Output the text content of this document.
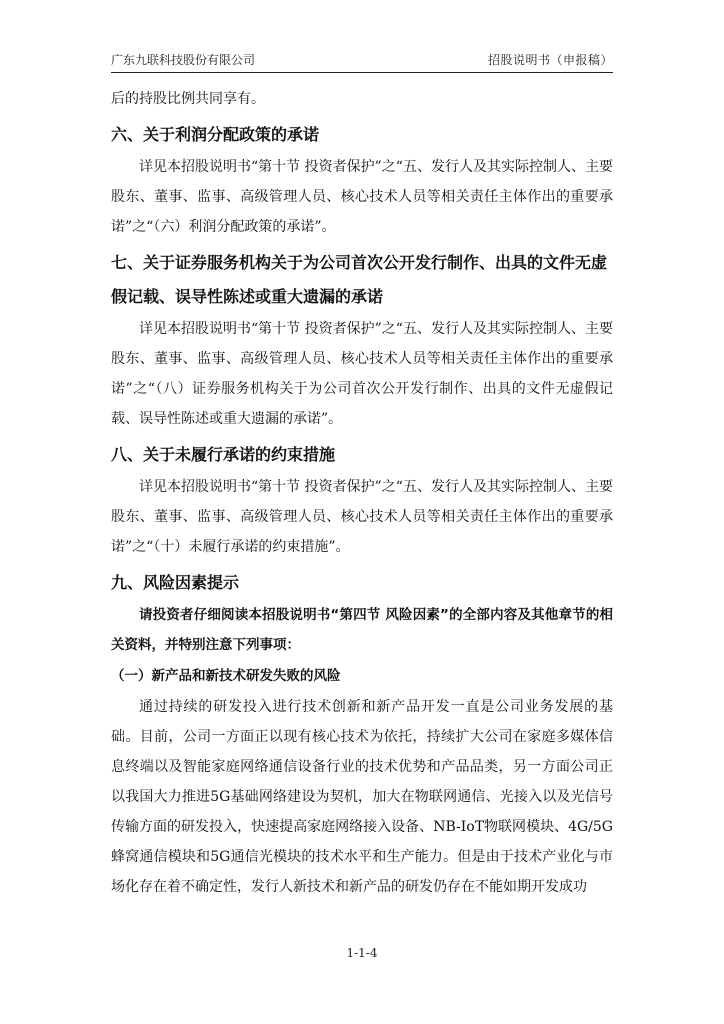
广东九联科技股份有限公司	招股说明书（申报稿）

后的持股比例共同享有。

六、关于利润分配政策的承诺

详见本招股说明书“第十节 投资者保护”之“五、发行人及其实际控制人、主要股东、董事、监事、高级管理人员、核心技术人员等相关责任主体作出的重要承诺”之“（六）利润分配政策的承诺”。

七、关于证券服务机构关于为公司首次公开发行制作、出具的文件无虚假记载、误导性陈述或重大遗漏的承诺

详见本招股说明书“第十节 投资者保护”之“五、发行人及其实际控制人、主要股东、董事、监事、高级管理人员、核心技术人员等相关责任主体作出的重要承诺”之“（八）证券服务机构关于为公司首次公开发行制作、出具的文件无虚假记载、误导性陈述或重大遗漏的承诺”。

八、关于未履行承诺的约束措施

详见本招股说明书“第十节 投资者保护”之“五、发行人及其实际控制人、主要股东、董事、监事、高级管理人员、核心技术人员等相关责任主体作出的重要承诺”之“（十）未履行承诺的约束措施”。

九、风险因素提示

请投资者仔细阅读本招股说明书“第四节 风险因素”的全部内容及其他章节的相关资料，并特别注意下列事项：

（一）新产品和新技术研发失败的风险

通过持续的研发投入进行技术创新和新产品开发一直是公司业务发展的基础。目前，公司一方面正以现有核心技术为依托，持续扩大公司在家庭多媒体信息终端以及智能家庭网络通信设备行业的技术优势和产品品类，另一方面公司正以我国大力推进5G基础网络建设为契机，加大在物联网通信、光接入以及光信号传输方面的研发投入，快速提高家庭网络接入设备、NB-IoT物联网模块、4G/5G蜂窝通信模块和5G通信光模块的技术水平和生产能力。但是由于技术产业化与市场化存在着不确定性，发行人新技术和新产品的研发仍存在不能如期开发成功

1-1-4
